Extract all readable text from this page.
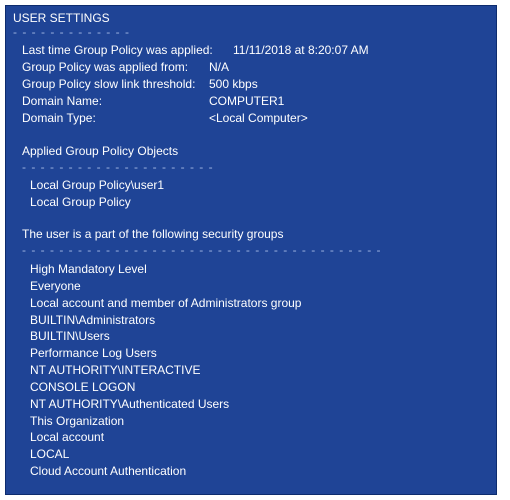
USER SETTINGS
- - - - - - - - - - - - -
Last time Group Policy was applied: 11/11/2018 at 8:20:07 AM
Group Policy was applied from: N/A
Group Policy slow link threshold: 500 kbps
Domain Name:	COMPUTER1
Domain Type:	<Local Computer>
Applied Group Policy Objects
- - - - - - - - - - - - - - - - - - - - -
Local Group Policy\user1
Local Group Policy
The user is a part of the following security groups
- - - - - - - - - - - - - - - - - - - - - - - - - - - - - - - - - - - - - - -
High Mandatory Level
Everyone
Local account and member of Administrators group
BUILTIN\Administrators
BUILTIN\Users
Performance Log Users
NT AUTHORITY\INTERACTIVE
CONSOLE LOGON
NT AUTHORITY\Authenticated Users
This Organization
Local account
LOCAL
Cloud Account Authentication
